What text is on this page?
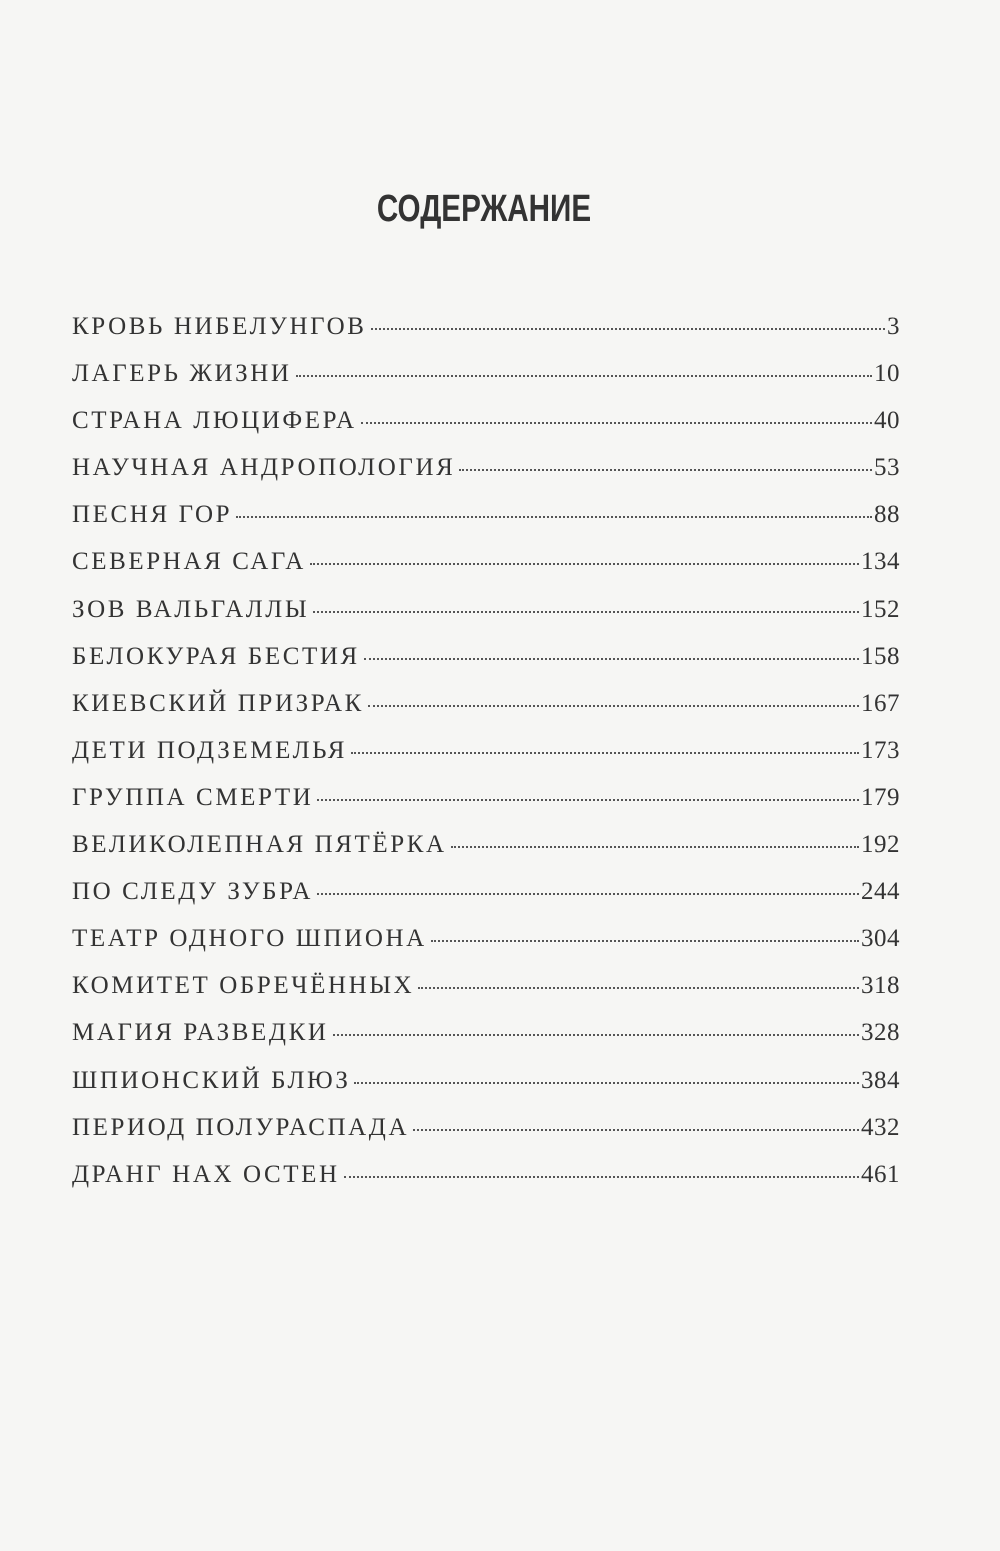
СОДЕРЖАНИЕ
КРОВЬ НИБЕЛУНГОВ	3
ЛАГЕРЬ ЖИЗНИ	10
СТРАНА ЛЮЦИФЕРА	40
НАУЧНАЯ АНДРОПОЛОГИЯ	53
ПЕСНЯ ГОР	88
СЕВЕРНАЯ САГА	134
ЗОВ ВАЛЬГАЛЛЫ	152
БЕЛОКУРАЯ БЕСТИЯ	158
КИЕВСКИЙ ПРИЗРАК	167
ДЕТИ ПОДЗЕМЕЛЬЯ	173
ГРУППА СМЕРТИ	179
ВЕЛИКОЛЕПНАЯ ПЯТЁРКА	192
ПО СЛЕДУ ЗУБРА	244
ТЕАТР ОДНОГО ШПИОНА	304
КОМИТЕТ ОБРЕЧЁННЫХ	318
МАГИЯ РАЗВЕДКИ	328
ШПИОНСКИЙ БЛЮЗ	384
ПЕРИОД ПОЛУРАСПАДА	432
ДРАНГ НАХ ОСТЕН	461
